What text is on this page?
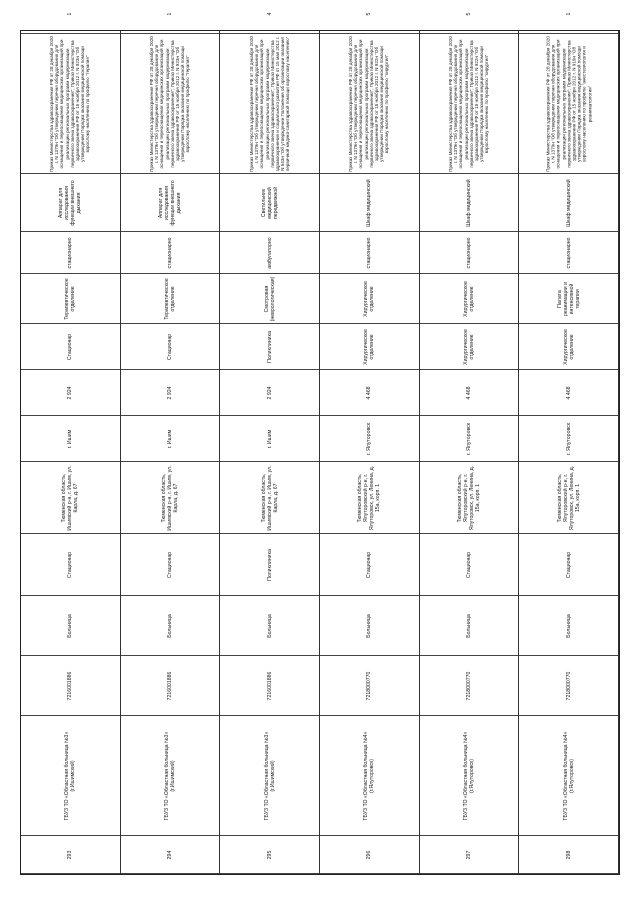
293
ГБУЗ ТО «Областная больница №3» (г.Ишимский)
7216001886
Больница
Стационар
Тюменская область, Ишимский р-н, г. Ишим, ул. Карла, д. 67
г. Ишим
2 924
Стационар
Терапевтическое отделение
стационарно
Аппарат для исследования функции внешнего дыхания
Приказ Министерства здравоохранения РФ от 28 декабря 2020 г. N 1379н "Об утверждении перечня оборудования для оснащения и переоснащения медицинских организаций при реализации региональных программ модернизации первичного звена здравоохранения"; Приказ Министерства здравоохранения РФ от 15 ноября 2012 г. N 923н "Об утверждении Порядка оказания медицинской помощи взрослому населению по профилю "терапия"
1
294
ГБУЗ ТО «Областная больница №3» (г.Ишимский)
7216001886
Больница
Стационар
Тюменская область, Ишимский р-н, г. Ишим, ул. Карла, д. 67
г. Ишим
2 924
Стационар
Терапевтическое отделение
стационарно
Аппарат для исследования функции внешнего дыхания
Приказ Министерства здравоохранения РФ от 28 декабря 2020 г. N 1379н "Об утверждении перечня оборудования для оснащения и переоснащения медицинских организаций при реализации региональных программ модернизации первичного звена здравоохранения"; Приказ Министерства здравоохранения РФ от 15 ноября 2012 г. N 923н "Об утверждении Порядка оказания медицинской помощи взрослому населению по профилю "терапия"
1
295
ГБУЗ ТО «Областная больница №3» (г.Ишимский)
7216001886
Больница
Поликлиника
Тюменская область, Ишимский р-н, г. Ишим, ул. Карла, д. 67
г. Ишим
2 924
Поликлиника
Смотровая (неврологическая)
амбулаторно
Светильник медицинский передвижной
Приказ Министерства здравоохранения РФ от 28 декабря 2020 г. N 1379н "Об утверждении перечня оборудования для оснащения и переоснащения медицинских организаций при реализации региональных программ модернизации первичного звена здравоохранения"; Приказ Министерства здравоохранения и социального развития РФ от 15 мая 2012 г. N 543н "Об утверждении Положения об организации оказания первичной медико-санитарной помощи взрослому населению"
4
296
ГБУЗ ТО «Областная больница №4» (г.Ялуторовск)
7218000770
Больница
Стационар
Тюменская область, Ялуторовский р-н, г. Ялуторовск, ул. Ленина, д. 15а, корп. 1
г. Ялуторовск
4 468
Хирургическое отделение
Хирургическое отделение
стационарно
Шкаф медицинский
Приказ Министерства здравоохранения РФ от 28 декабря 2020 г. N 1379н "Об утверждении перечня оборудования для оснащения и переоснащения медицинских организаций при реализации региональных программ модернизации первичного звена здравоохранения"; Приказ Министерства здравоохранения РФ от 15 ноября 2012 г. N 922н "Об утверждении Порядка оказания медицинской помощи взрослому населению по профилю "хирургия"
5
297
ГБУЗ ТО «Областная больница №4» (г.Ялуторовск)
7218000770
Больница
Стационар
Тюменская область, Ялуторовский р-н, г. Ялуторовск, ул. Ленина, д. 15а, корп. 1
г. Ялуторовск
4 468
Хирургическое отделение
Хирургическое отделение
стационарно
Шкаф медицинский
Приказ Министерства здравоохранения РФ от 28 декабря 2020 г. N 1379н "Об утверждении перечня оборудования для оснащения и переоснащения медицинских организаций при реализации региональных программ модернизации первичного звена здравоохранения"; Приказ Министерства здравоохранения РФ от 15 ноября 2012 г. N 922н "Об утверждении Порядка оказания медицинской помощи взрослому населению по профилю "хирургия"
5
298
ГБУЗ ТО «Областная больница №4» (г.Ялуторовск)
7218000770
Больница
Стационар
Тюменская область, Ялуторовский р-н, г. Ялуторовск, ул. Ленина, д. 15а, корп. 1
г. Ялуторовск
4 468
Хирургическое отделение
Палата реанимации и интенсивной терапии
стационарно
Шкаф медицинский
Приказ Министерства здравоохранения РФ от 28 декабря 2020 г. N 1379н "Об утверждении перечня оборудования для оснащения и переоснащения медицинских организаций при реализации региональных программ модернизации первичного звена здравоохранения"; Приказ Министерства здравоохранения РФ от 15 ноября 2012 г. N 919н "Об утверждении Порядка оказания медицинской помощи взрослому населению по профилю "анестезиология и реаниматология"
1
